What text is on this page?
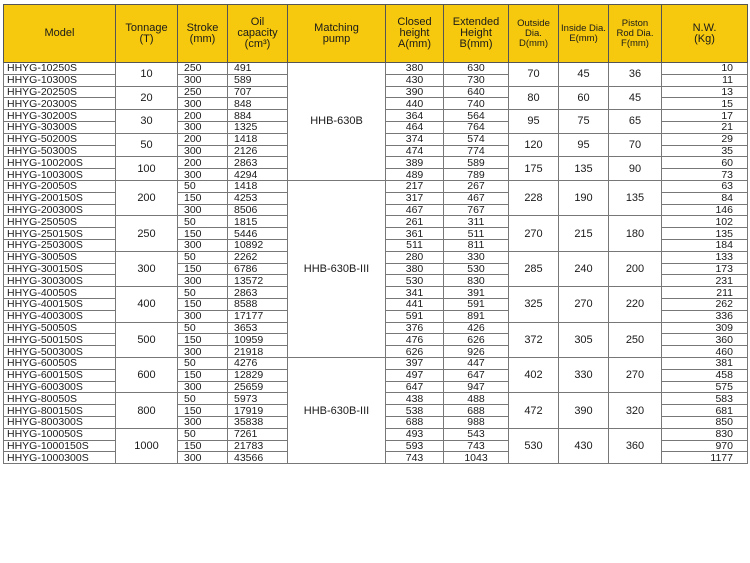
Model	Tonnage
(T)	Stroke
(mm)	Oil
capacity
(cm³)	Matching
pump	Closed
height
A(mm)	Extended
Height
B(mm)	Outside Dia.
D(mm)	Inside Dia.
E(mm)	Piston
Rod Dia.
F(mm)	N.W.
(Kg)
HHYG-10250S	10	250	491	HHB-630B	380	630	70	45	36	10
HHYG-10300S		300	589		430	730				11
HHYG-20250S	20	250	707		390	640	80	60	45	13
HHYG-20300S		300	848		440	740				15
HHYG-30200S	30	200	884		364	564	95	75	65	17
HHYG-30300S		300	1325		464	764				21
HHYG-50200S	50	200	1418		374	574	120	95	70	29
HHYG-50300S		300	2126		474	774				35
HHYG-100200S	100	200	2863		389	589	175	135	90	60
HHYG-100300S		300	4294		489	789				73
HHYG-20050S	200	50	1418	HHB-630B-III	217	267	228	190	135	63
HHYG-200150S		150	4253		317	467				84
HHYG-200300S		300	8506		467	767				146
HHYG-25050S	250	50	1815		261	311	270	215	180	102
HHYG-250150S		150	5446		361	511				135
HHYG-250300S		300	10892		511	811				184
HHYG-30050S	300	50	2262		280	330	285	240	200	133
HHYG-300150S		150	6786		380	530				173
HHYG-300300S		300	13572		530	830				231
HHYG-40050S	400	50	2863		341	391	325	270	220	211
HHYG-400150S		150	8588		441	591				262
HHYG-400300S		300	17177		591	891				336
HHYG-50050S	500	50	3653		376	426	372	305	250	309
HHYG-500150S		150	10959		476	626				360
HHYG-500300S		300	21918		626	926				460
HHYG-60050S	600	50	4276	HHB-630B-III	397	447	402	330	270	381
HHYG-600150S		150	12829		497	647				458
HHYG-600300S		300	25659		647	947				575
HHYG-80050S	800	50	5973		438	488	472	390	320	583
HHYG-800150S		150	17919		538	688				681
HHYG-800300S		300	35838		688	988				850
HHYG-100050S	1000	50	7261		493	543	530	430	360	830
HHYG-1000150S		150	21783		593	743				970
HHYG-1000300S		300	43566		743	1043				1177
